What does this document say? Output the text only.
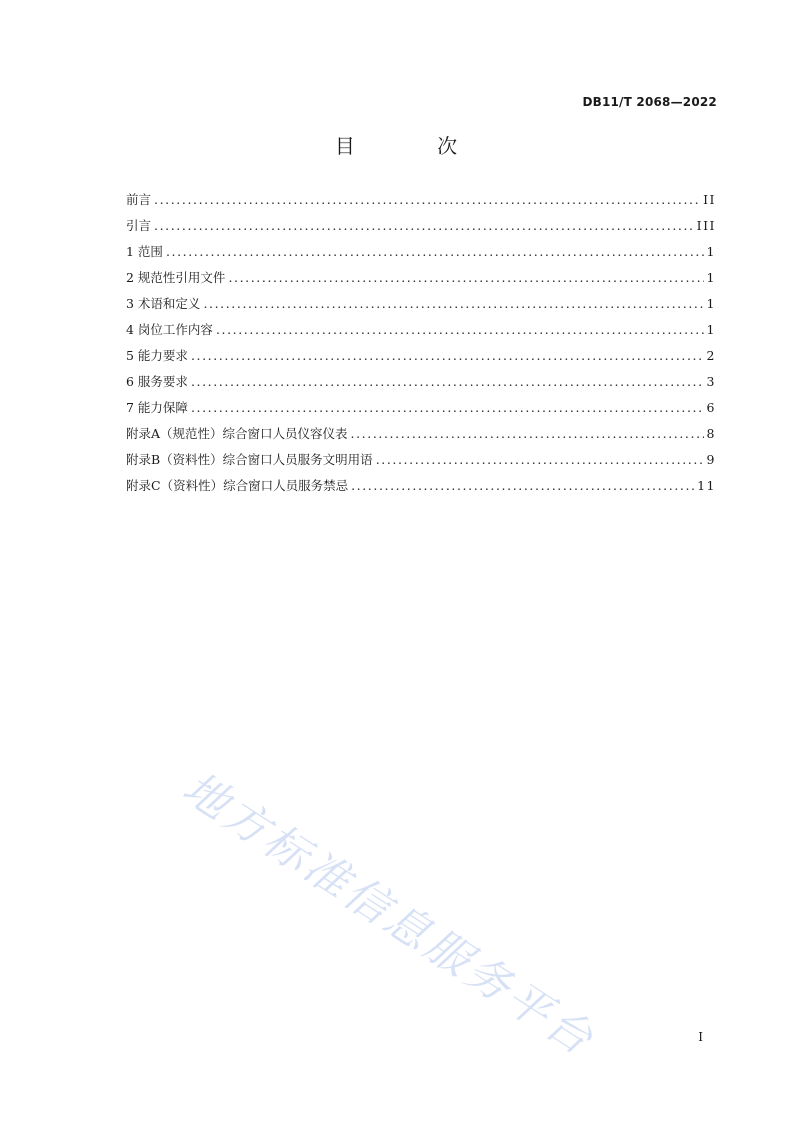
DB11/T 2068—2022
目 次
前言 .....	II
引言 .....	III
1 范围 .....	1
2 规范性引用文件 .....	1
3 术语和定义 .....	1
4 岗位工作内容 .....	1
5 能力要求 .....	2
6 服务要求 .....	3
7 能力保障 .....	6
附录A（规范性）综合窗口人员仪容仪表 .....	8
附录B（资料性）综合窗口人员服务文明用语 .....	9
附录C（资料性）综合窗口人员服务禁忌 .....	11
地方标准信息服务平台	I
